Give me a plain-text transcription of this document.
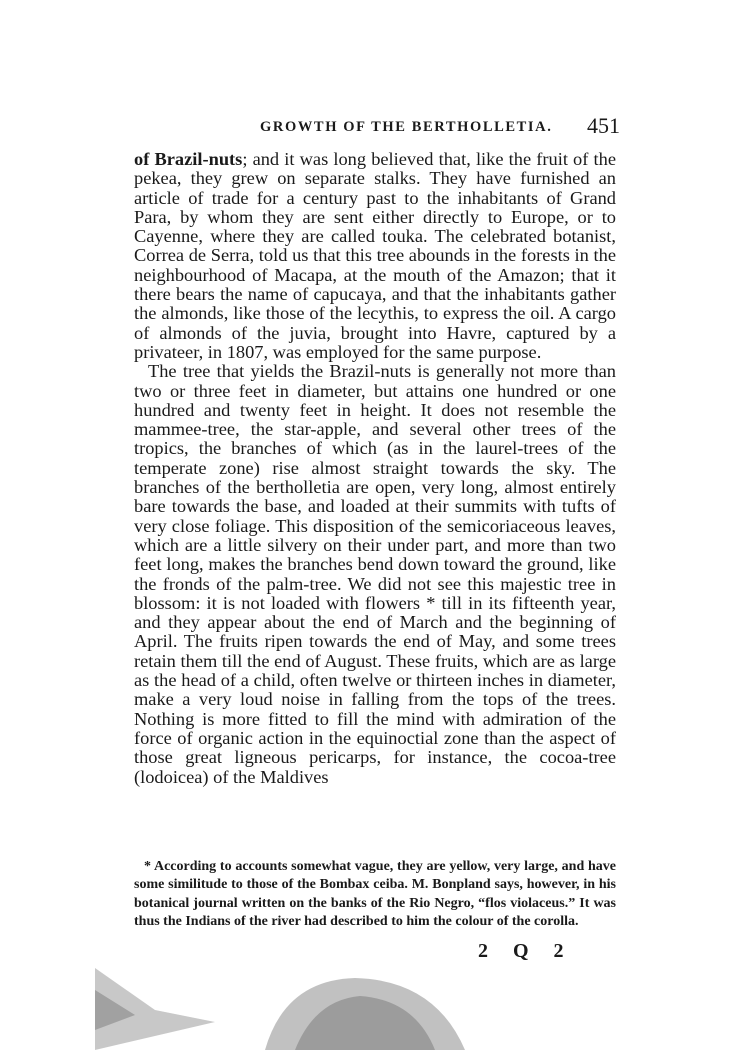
GROWTH OF THE BERTHOLLETIA. 451

of Brazil-nuts; and it was long believed that, like the fruit of the pekea, they grew on separate stalks. They have furnished an article of trade for a century past to the inhabitants of Grand Para, by whom they are sent either directly to Europe, or to Cayenne, where they are called touka. The celebrated botanist, Correa de Serra, told us that this tree abounds in the forests in the neighbourhood of Macapa, at the mouth of the Amazon; that it there bears the name of capucaya, and that the inhabitants gather the almonds, like those of the lecythis, to express the oil. A cargo of almonds of the juvia, brought into Havre, captured by a privateer, in 1807, was employed for the same purpose.

The tree that yields the Brazil-nuts is generally not more than two or three feet in diameter, but attains one hundred or one hundred and twenty feet in height. It does not resemble the mammee-tree, the star-apple, and several other trees of the tropics, the branches of which (as in the laurel-trees of the temperate zone) rise almost straight towards the sky. The branches of the bertholletia are open, very long, almost entirely bare towards the base, and loaded at their summits with tufts of very close foliage. This disposition of the semicoriaceous leaves, which are a little silvery on their under part, and more than two feet long, makes the branches bend down toward the ground, like the fronds of the palm-tree. We did not see this majestic tree in blossom: it is not loaded with flowers * till in its fifteenth year, and they appear about the end of March and the beginning of April. The fruits ripen towards the end of May, and some trees retain them till the end of August. These fruits, which are as large as the head of a child, often twelve or thirteen inches in diameter, make a very loud noise in falling from the tops of the trees. Nothing is more fitted to fill the mind with admiration of the force of organic action in the equinoctial zone than the aspect of those great ligneous pericarps, for instance, the cocoa-tree (lodoicea) of the Maldives

* According to accounts somewhat vague, they are yellow, very large, and have some similitude to those of the Bombax ceiba. M. Bonpland says, however, in his botanical journal written on the banks of the Rio Negro, “flos violaceus.” It was thus the Indians of the river had described to him the colour of the corolla.

2 Q 2
